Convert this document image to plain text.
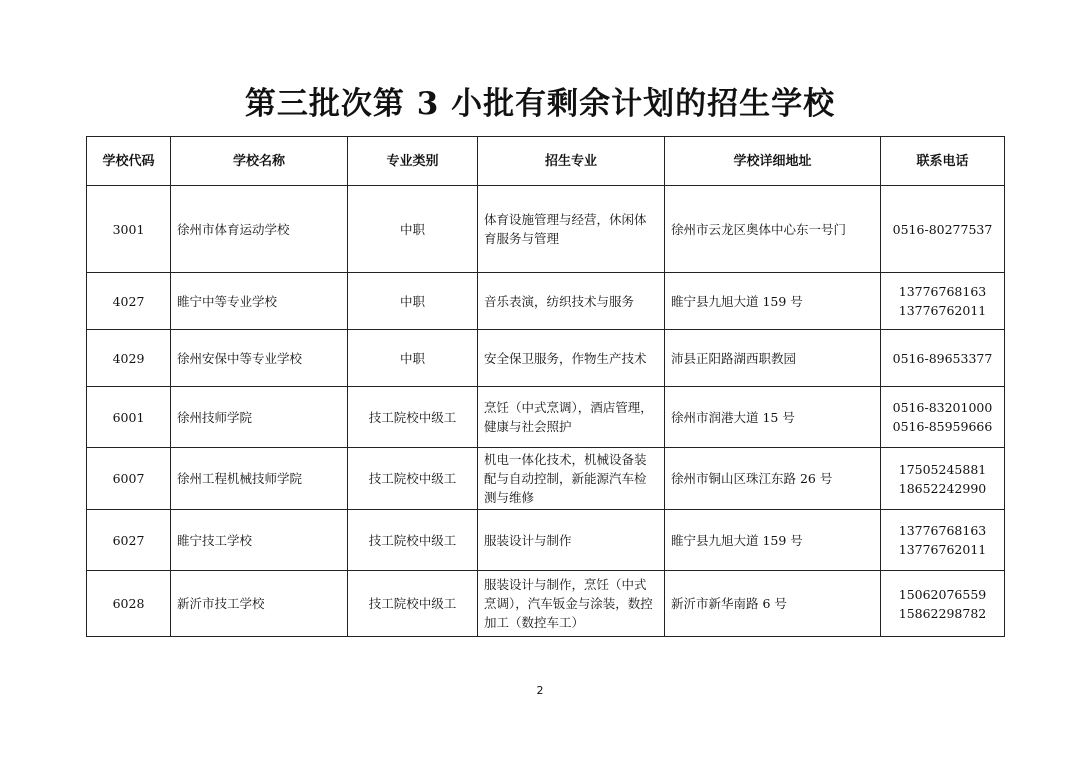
第三批次第 3 小批有剩余计划的招生学校
学校代码	学校名称	专业类别	招生专业	学校详细地址	联系电话
3001	徐州市体育运动学校	中职	体育设施管理与经营，休闲体育服务与管理	徐州市云龙区奥体中心东一号门	0516-80277537

4027	睢宁中等专业学校	中职	音乐表演，纺织技术与服务	睢宁县九旭大道 159 号	13776768163
13776762011

4029	徐州安保中等专业学校	中职	安全保卫服务，作物生产技术	沛县正阳路湖西职教园	0516-89653377

6001	徐州技师学院	技工院校中级工	烹饪（中式烹调），酒店管理，健康与社会照护	徐州市润港大道 15 号	0516-83201000
0516-85959666

6007	徐州工程机械技师学院	技工院校中级工	机电一体化技术，机械设备装配与自动控制，新能源汽车检测与维修	徐州市铜山区珠江东路 26 号	17505245881
18652242990

6027	睢宁技工学校	技工院校中级工	服装设计与制作	睢宁县九旭大道 159 号	13776768163
13776762011

6028	新沂市技工学校	技工院校中级工	服装设计与制作，烹饪（中式烹调），汽车钣金与涂装，数控加工（数控车工）	新沂市新华南路 6 号	15062076559
15862298782
2
